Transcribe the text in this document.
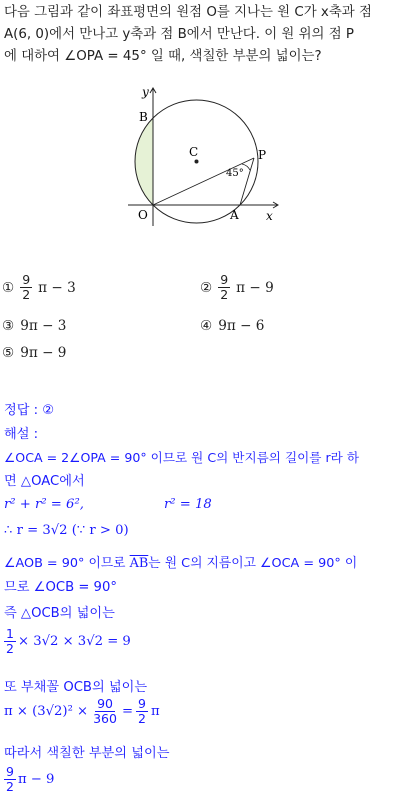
다음 그림과 같이 좌표평면의 원점 O를 지나는 원 C가 x축과 점
A(6, 0)에서 만나고 y축과 점 B에서 만난다. 이 원 위의 점 P
에 대하여 ∠OPA = 45° 일 때, 색칠한 부분의 넓이는?
y
x
B
C	P
O	A
45°
① $\frac{9}{2}$ π − 3	② $\frac{9}{2}$ π − 9
③ 9π − 3	④ 9π − 6
⑤ 9π − 9
정답 : ②
해설 :
∠OCA = 2∠OPA = 90° 이므로 원 C의 반지름의 길이를 r라 하
면 △OAC에서
r² + r² = 6²,	r² = 18
∴ r = 3√2 (∵ r > 0)
∠AOB = 90° 이므로 $\overline{AB}$는 원 C의 지름이고 ∠OCA = 90° 이
므로 ∠OCB = 90°
즉 △OCB의 넓이는
$\frac{1}{2} \times 3√2 \times 3√2 = 9$
또 부채꼴 OCB의 넓이는
$\pi \times (3√2)^2 \times \frac{90}{360} = \frac{9}{2}$ π
따라서 색칠한 부분의 넓이는
$\frac{9}{2}$ π − 9
